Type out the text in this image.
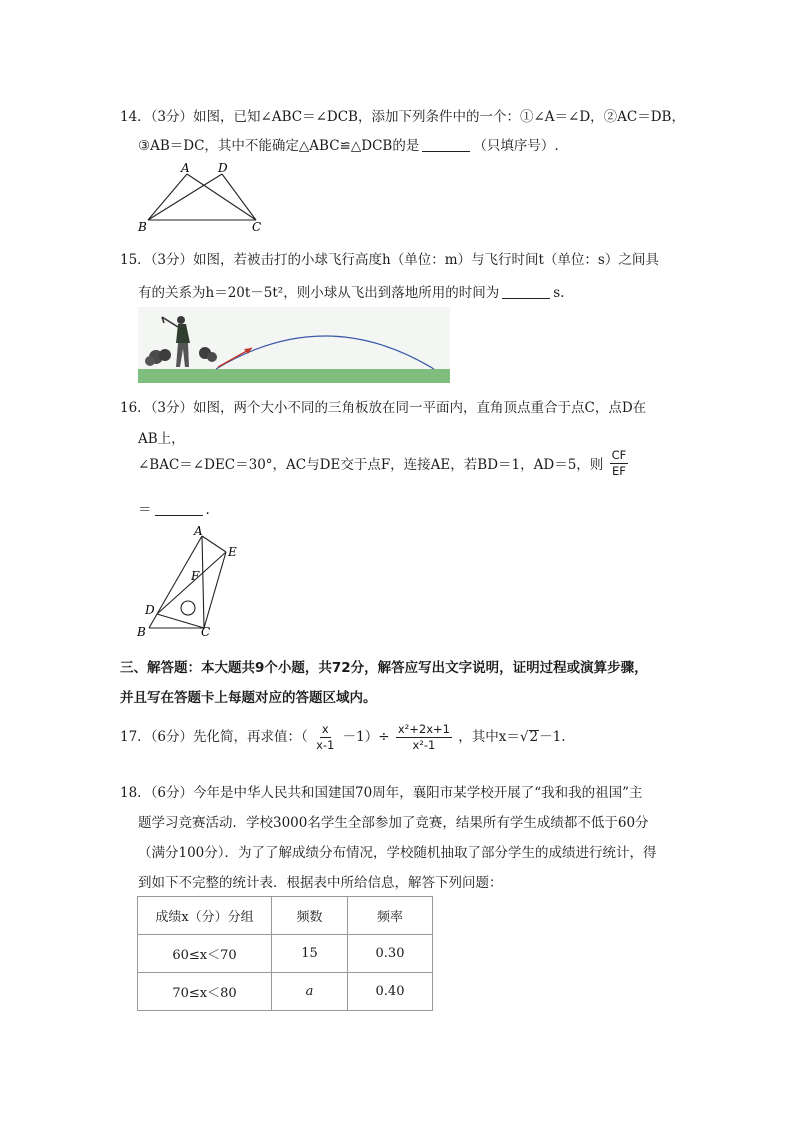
14．（3分）如图，已知∠ABC＝∠DCB，添加下列条件中的一个：①∠A＝∠D，②AC＝DB，
③AB＝DC，其中不能确定△ABC≌△DCB的是	（只填序号）.
A D
B	C
15．（3分）如图，若被击打的小球飞行高度h（单位：m）与飞行时间t（单位：s）之间具
有的关系为h＝20t－5t²，则小球从飞出到落地所用的时间为	s.
16．（3分）如图，两个大小不同的三角板放在同一平面内，直角顶点重合于点C，点D在
AB上，
∠BAC＝∠DEC＝30°，AC与DE交于点F，连接AE，若BD＝1，AD＝5，则 $\frac{CF}{EF}$
＝	.
A
E
F
D
B	C
三、解答题：本大题共9个小题，共72分，解答应写出文字说明，证明过程或演算步骤，
并且写在答题卡上每题对应的答题区域内。
17．（6分）先化简，再求值：（ $\frac{x}{x-1} -1)\div \frac{\text{x²+2x+1}}{\text{x²-1}}$ ，其中x＝√2－1.
18．（6分）今年是中华人民共和国建国70周年，襄阳市某学校开展了“我和我的祖国”主
题学习竞赛活动．学校3000名学生全部参加了竞赛，结果所有学生成绩都不低于60分
（满分100分）．为了了解成绩分布情况，学校随机抽取了部分学生的成绩进行统计，得
到如下不完整的统计表．根据表中所给信息，解答下列问题：
成绩x（分）分组	频数	频率
60≤x＜70	15	0.30
70≤x＜80	a	0.40
